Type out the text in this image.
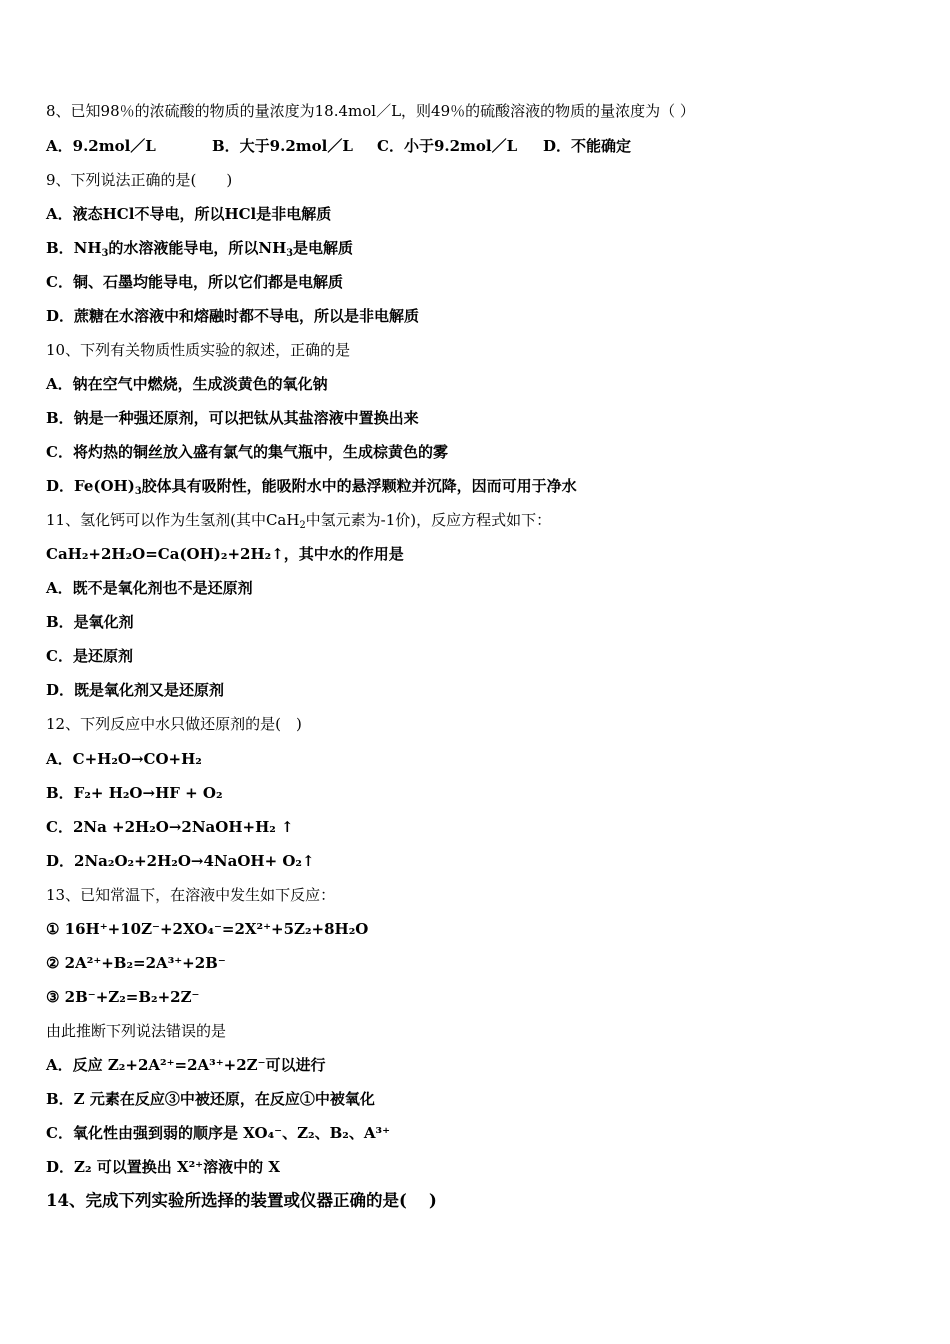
8、已知98％的浓硫酸的物质的量浓度为18.4mol／L，则49％的硫酸溶液的物质的量浓度为（ ）
A．9.2mol／L	B．大于9.2mol／L C．小于9.2mol／L D．不能确定
9、下列说法正确的是(　　)
A．液态HCl不导电，所以HCl是非电解质
B．$NH_3$的水溶液能导电，所以$NH_3$是电解质
C．铜、石墨均能导电，所以它们都是电解质
D．蔗糖在水溶液中和熔融时都不导电，所以是非电解质
10、下列有关物质性质实验的叙述，正确的是
A．钠在空气中燃烧，生成淡黄色的氧化钠
B．钠是一种强还原剂，可以把钛从其盐溶液中置换出来
C．将灼热的铜丝放入盛有氯气的集气瓶中，生成棕黄色的雾
D．$Fe(OH)_3$胶体具有吸附性，能吸附水中的悬浮颗粒并沉降，因而可用于净水
11、氢化钙可以作为生氢剂(其中CaH$_2$中氢元素为-1价)，反应方程式如下：
CaH₂+2H₂O=Ca(OH)₂+2H₂↑，其中水的作用是
A．既不是氧化剂也不是还原剂
B．是氧化剂
C．是还原剂
D．既是氧化剂又是还原剂
12、下列反应中水只做还原剂的是(　)
A．C+H₂O→CO+H₂
B．F₂+ H₂O→HF + O₂
C．2Na +2H₂O→2NaOH+H₂ ↑
D．2Na₂O₂+2H₂O→4NaOH+ O₂↑
13、已知常温下，在溶液中发生如下反应：
① 16H⁺+10Z⁻+2XO₄⁻=2X²⁺+5Z₂+8H₂O
② 2A²⁺+B₂=2A³⁺+2B⁻
③ 2B⁻+Z₂=B₂+2Z⁻
由此推断下列说法错误的是
A．反应 Z₂+2A²⁺=2A³⁺+2Z⁻可以进行
B．Z 元素在反应③中被还原，在反应①中被氧化
C．氧化性由强到弱的顺序是 XO₄⁻、Z₂、B₂、A³⁺
D．Z₂ 可以置换出 X²⁺溶液中的 X
14、完成下列实验所选择的装置或仪器正确的是(　 )
